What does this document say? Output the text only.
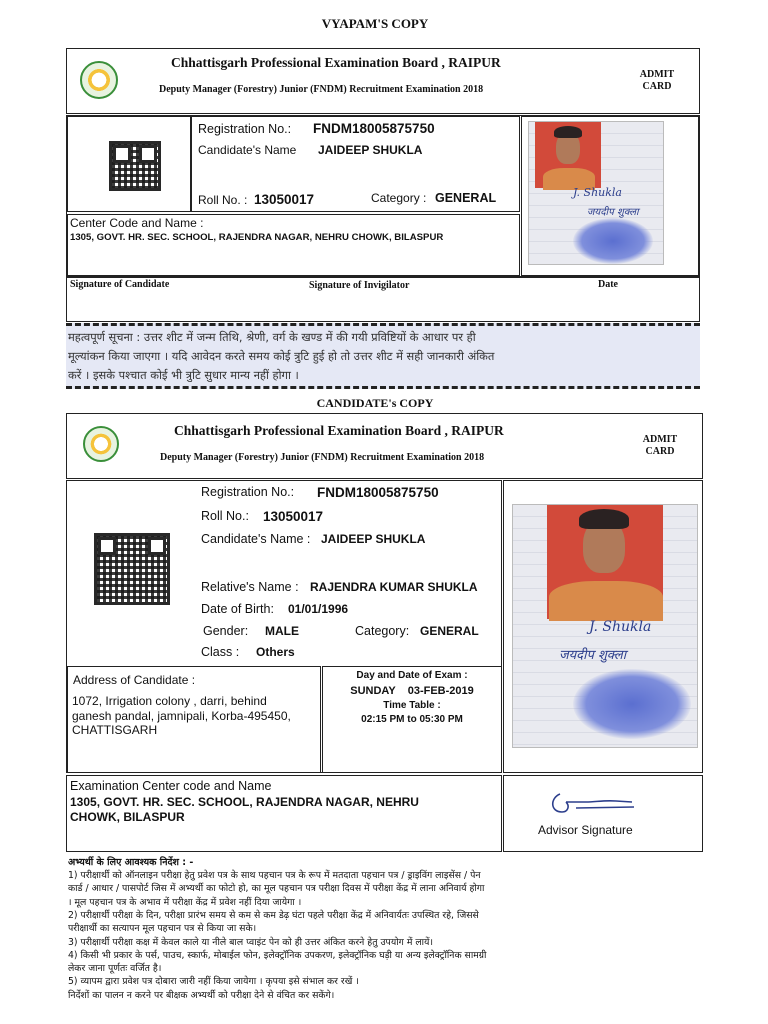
VYAPAM'S COPY
Chhattisgarh Professional Examination Board , RAIPUR
Deputy Manager (Forestry) Junior (FNDM) Recruitment Examination 2018
ADMIT
CARD
Registration No.: FNDM18005875750
Candidate's Name JAIDEEP SHUKLA
Roll No. : 13050017	Category : GENERAL
Center Code and Name :
1305, GOVT. HR. SEC. SCHOOL, RAJENDRA NAGAR, NEHRU CHOWK, BILASPUR
J. Shukla
जयदीप शुक्ला
Signature of Candidate	Signature of Invigilator	Date
महत्वपूर्ण सूचना : उत्तर शीट में जन्म तिथि, श्रेणी, वर्ग के खण्ड में की गयी प्रविष्टियों के आधार पर ही
मूल्यांकन किया जाएगा । यदि आवेदन करते समय कोई त्रुटि हुई हो तो उत्तर शीट में सही जानकारी अंकित
करें । इसके पश्चात कोई भी त्रुटि सुधार मान्य नहीं होगा ।
CANDIDATE's COPY
Chhattisgarh Professional Examination Board , RAIPUR
Deputy Manager (Forestry) Junior (FNDM) Recruitment Examination 2018
ADMIT
CARD
Registration No.: FNDM18005875750
Roll No.: 13050017
Candidate's Name : JAIDEEP SHUKLA
Relative's Name : RAJENDRA KUMAR SHUKLA
Date of Birth: 01/01/1996
Gender: MALE	Category: GENERAL
Class : Others
Address of Candidate :
1072, Irrigation colony , darri, behind
ganesh pandal, jamnipali, Korba-495450,
CHATTISGARH
Day and Date of Exam :
SUNDAY    03-FEB-2019
Time Table :
02:15 PM to 05:30 PM
J. Shukla
जयदीप शुक्ला
Examination Center code and Name
1305, GOVT. HR. SEC. SCHOOL, RAJENDRA NAGAR, NEHRU
CHOWK, BILASPUR
Advisor Signature
अभ्यर्थी के लिए आवश्यक निर्देश : -
1) परीक्षार्थी को ऑनलाइन परीक्षा हेतु प्रवेश पत्र के साथ पहचान पत्र के रूप में मतदाता पहचान पत्र / ड्राइविंग लाइसेंस / पेन
कार्ड / आधार / पासपोर्ट जिस में अभ्यर्थी का फोटो हो, का मूल पहचान पत्र परीक्षा दिवस में परीक्षा केंद्र में लाना अनिवार्य होगा
। मूल पहचान पत्र के अभाव में परीक्षा केंद्र में प्रवेश नहीं दिया जायेगा ।
2) परीक्षार्थी परीक्षा के दिन, परीक्षा प्रारंभ समय से कम से कम डेढ़ घंटा पहले परीक्षा केंद्र में अनिवार्यतः उपस्थित रहे, जिससे
परीक्षार्थी का सत्यापन मूल पहचान पत्र से किया जा सके।
3) परीक्षार्थी परीक्षा कक्ष में केवल काले या नीले बाल प्वाइंट पेन को ही उत्तर अंकित करने हेतु उपयोग में लायें।
4) किसी भी प्रकार के पर्स, पाउच, स्कार्फ, मोबाईल फोन, इलेक्ट्रॉनिक उपकरण, इलेक्ट्रॉनिक घड़ी या अन्य इलेक्ट्रॉनिक सामग्री
लेकर जाना पूर्णतः वर्जित है।
5) व्यापम द्वारा प्रवेश पत्र दोबारा जारी नहीं किया जायेगा । कृपया इसे संभाल कर रखें ।
निर्देशों का पालन न करने पर बीक्षक अभ्यर्थी को परीक्षा देने से वंचित कर सकेंगे।
